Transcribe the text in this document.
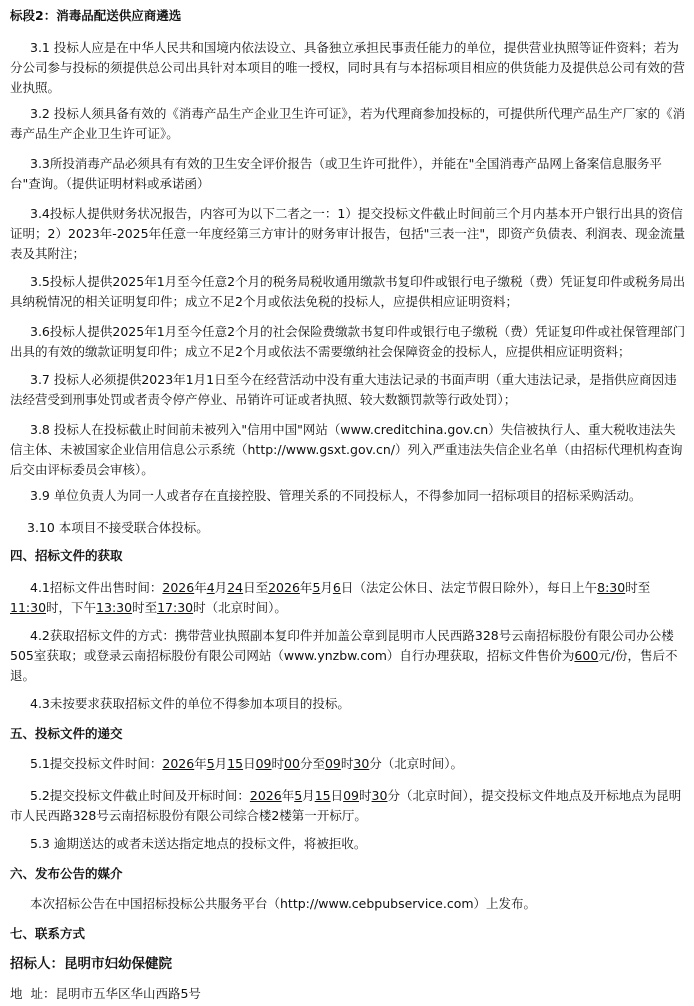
标段2：消毒品配送供应商遴选

3.1 投标人应是在中华人民共和国境内依法设立、具备独立承担民事责任能力的单位，提供营业执照等证件资料；若为分公司参与投标的须提供总公司出具针对本项目的唯一授权，同时具有与本招标项目相应的供货能力及提供总公司有效的营业执照。

3.2 投标人须具备有效的《消毒产品生产企业卫生许可证》，若为代理商参加投标的，可提供所代理产品生产厂家的《消毒产品生产企业卫生许可证》。

3.3所投消毒产品必须具有有效的卫生安全评价报告（或卫生许可批件），并能在"全国消毒产品网上备案信息服务平台"查询。（提供证明材料或承诺函）

3.4投标人提供财务状况报告，内容可为以下二者之一：1）提交投标文件截止时间前三个月内基本开户银行出具的资信证明；2）2023年-2025年任意一年度经第三方审计的财务审计报告，包括"三表一注"，即资产负债表、利润表、现金流量表及其附注；

3.5投标人提供2025年1月至今任意2个月的税务局税收通用缴款书复印件或银行电子缴税（费）凭证复印件或税务局出具纳税情况的相关证明复印件；成立不足2个月或依法免税的投标人，应提供相应证明资料；

3.6投标人提供2025年1月至今任意2个月的社会保险费缴款书复印件或银行电子缴税（费）凭证复印件或社保管理部门出具的有效的缴款证明复印件；成立不足2个月或依法不需要缴纳社会保障资金的投标人，应提供相应证明资料；

3.7 投标人必须提供2023年1月1日至今在经营活动中没有重大违法记录的书面声明（重大违法记录，是指供应商因违法经营受到刑事处罚或者责令停产停业、吊销许可证或者执照、较大数额罚款等行政处罚）；

3.8 投标人在投标截止时间前未被列入"信用中国"网站（www.creditchina.gov.cn）失信被执行人、重大税收违法失信主体、未被国家企业信用信息公示系统（http://www.gsxt.gov.cn/）列入严重违法失信企业名单（由招标代理机构查询后交由评标委员会审核）。

3.9 单位负责人为同一人或者存在直接控股、管理关系的不同投标人，不得参加同一招标项目的招标采购活动。

3.10 本项目不接受联合体投标。

四、招标文件的获取

4.1招标文件出售时间：2026年4月24日至2026年5月6日（法定公休日、法定节假日除外），每日上午8:30时至11:30时，下午13:30时至17:30时（北京时间）。

4.2获取招标文件的方式：携带营业执照副本复印件并加盖公章到昆明市人民西路328号云南招标股份有限公司办公楼505室获取；或登录云南招标股份有限公司网站（www.ynzbw.com）自行办理获取，招标文件售价为600元/份，售后不退。

4.3未按要求获取招标文件的单位不得参加本项目的投标。

五、投标文件的递交

5.1提交投标文件时间：2026年5月15日09时00分至09时30分（北京时间）。

5.2提交投标文件截止时间及开标时间：2026年5月15日09时30分（北京时间），提交投标文件地点及开标地点为昆明市人民西路328号云南招标股份有限公司综合楼2楼第一开标厅。

5.3 逾期送达的或者未送达指定地点的投标文件，将被拒收。

六、发布公告的媒介

本次招标公告在中国招标投标公共服务平台（http://www.cebpubservice.com）上发布。

七、联系方式

招标人：昆明市妇幼保健院

地  址：昆明市五华区华山西路5号
